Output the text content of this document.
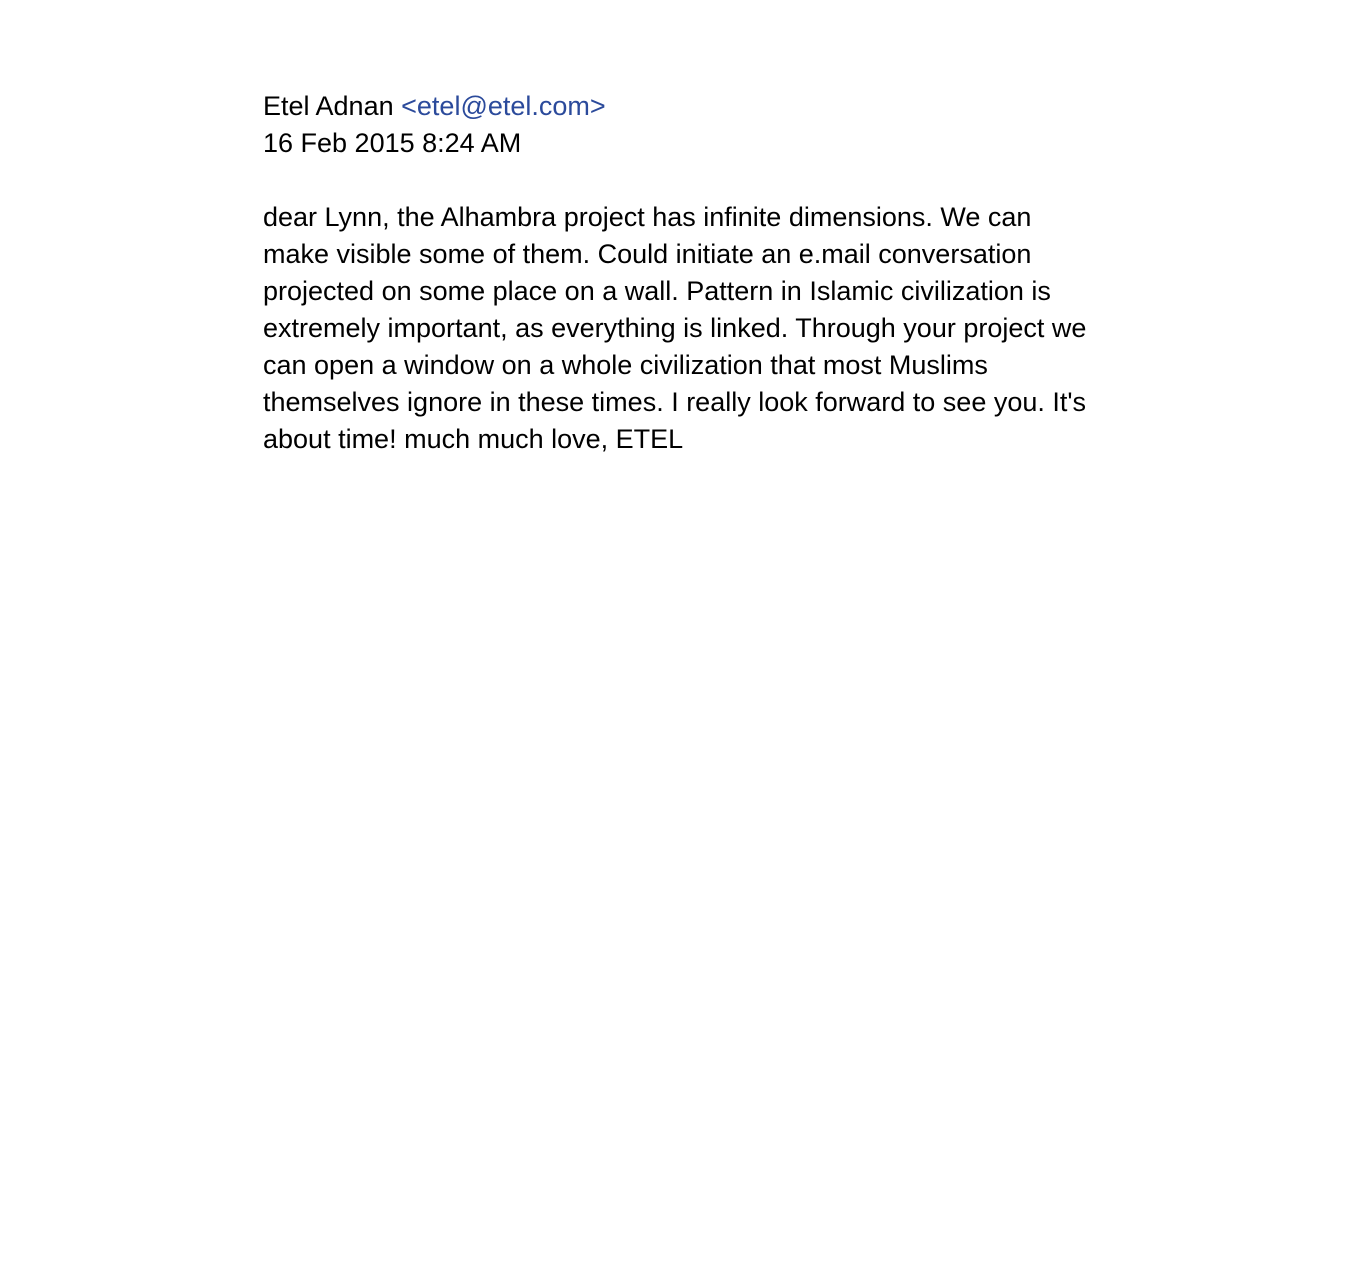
Etel Adnan <etel@etel.com>
16 Feb 2015 8:24 AM

dear Lynn, the Alhambra project has infinite dimensions. We can make visible some of them. Could initiate an e.mail conversation projected on some place on a wall. Pattern in Islamic civilization is extremely important, as everything is linked. Through your project we can open a window on a whole civilization that most Muslims themselves ignore in these times. I really look forward to see you. It's about time! much much love, ETEL
